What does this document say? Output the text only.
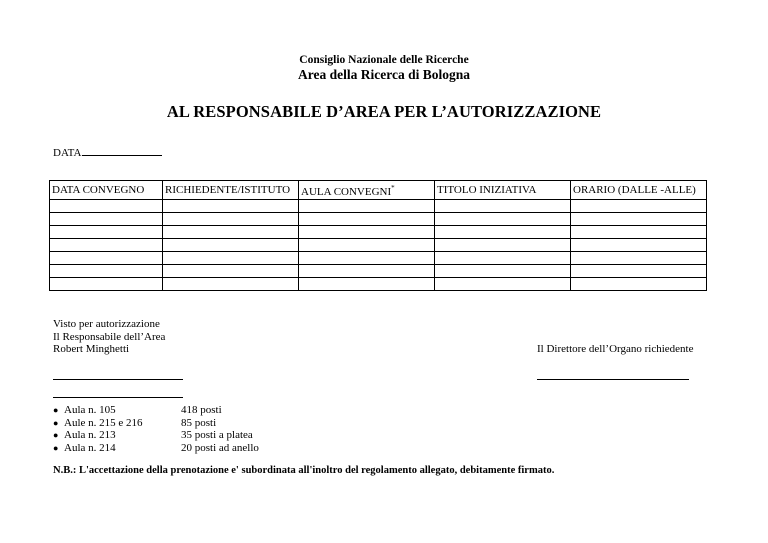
Consiglio Nazionale delle Ricerche
Area della Ricerca di Bologna
AL RESPONSABILE D’AREA PER L’AUTORIZZAZIONE
DATA
DATA CONVEGNO	RICHIEDENTE/ISTITUTO	AULA CONVEGNI*	TITOLO INIZIATIVA	ORARIO (DALLE -ALLE)

Visto per autorizzazione
Il Responsabile dell’Area
Robert Minghetti	Il Direttore dell’Organo richiedente
● Aula n. 105	418 posti
● Aule n. 215 e 216	85 posti
● Aula n. 213	35 posti a platea
● Aula n. 214	20 posti ad anello
N.B.: L'accettazione della prenotazione e' subordinata all'inoltro del regolamento allegato, debitamente firmato.
